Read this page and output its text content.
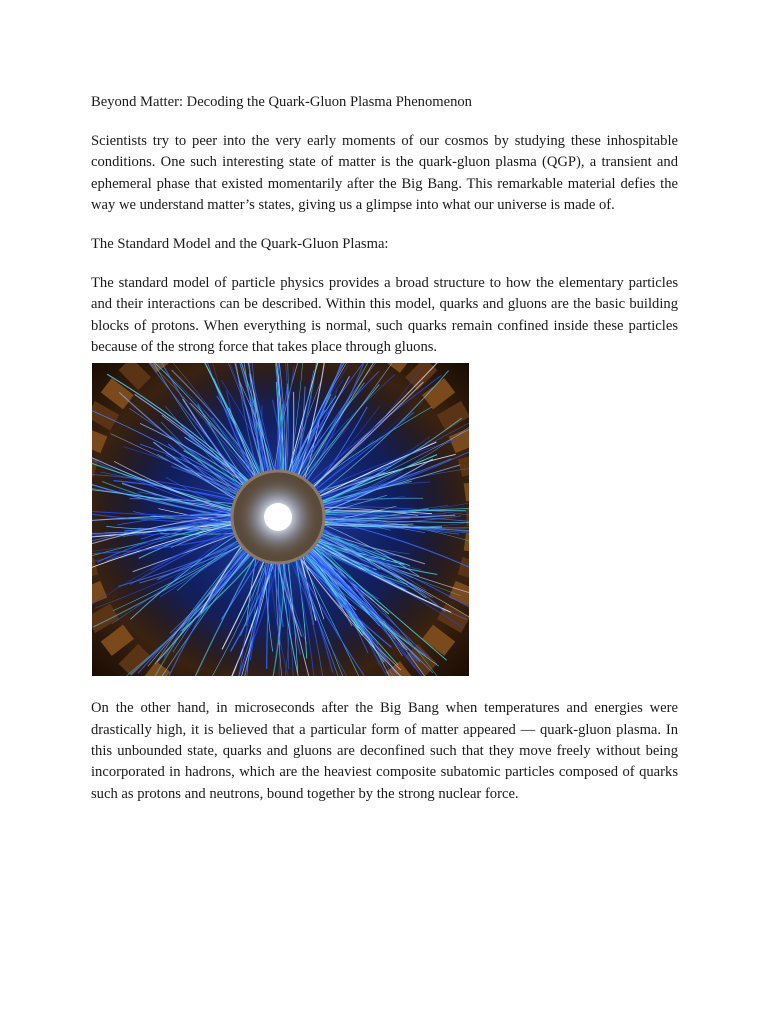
Beyond Matter: Decoding the Quark-Gluon Plasma Phenomenon

Scientists try to peer into the very early moments of our cosmos by studying these inhospitable conditions. One such interesting state of matter is the quark-gluon plasma (QGP), a transient and ephemeral phase that existed momentarily after the Big Bang. This remarkable material defies the way we understand matter’s states, giving us a glimpse into what our universe is made of.

The Standard Model and the Quark-Gluon Plasma:

The standard model of particle physics provides a broad structure to how the elementary particles and their interactions can be described. Within this model, quarks and gluons are the basic building blocks of protons. When everything is normal, such quarks remain confined inside these particles because of the strong force that takes place through gluons.

On the other hand, in microseconds after the Big Bang when temperatures and energies were drastically high, it is believed that a particular form of matter appeared — quark-gluon plasma. In this unbounded state, quarks and gluons are deconfined such that they move freely without being incorporated in hadrons, which are the heaviest composite subatomic particles composed of quarks such as protons and neutrons, bound together by the strong nuclear force.
